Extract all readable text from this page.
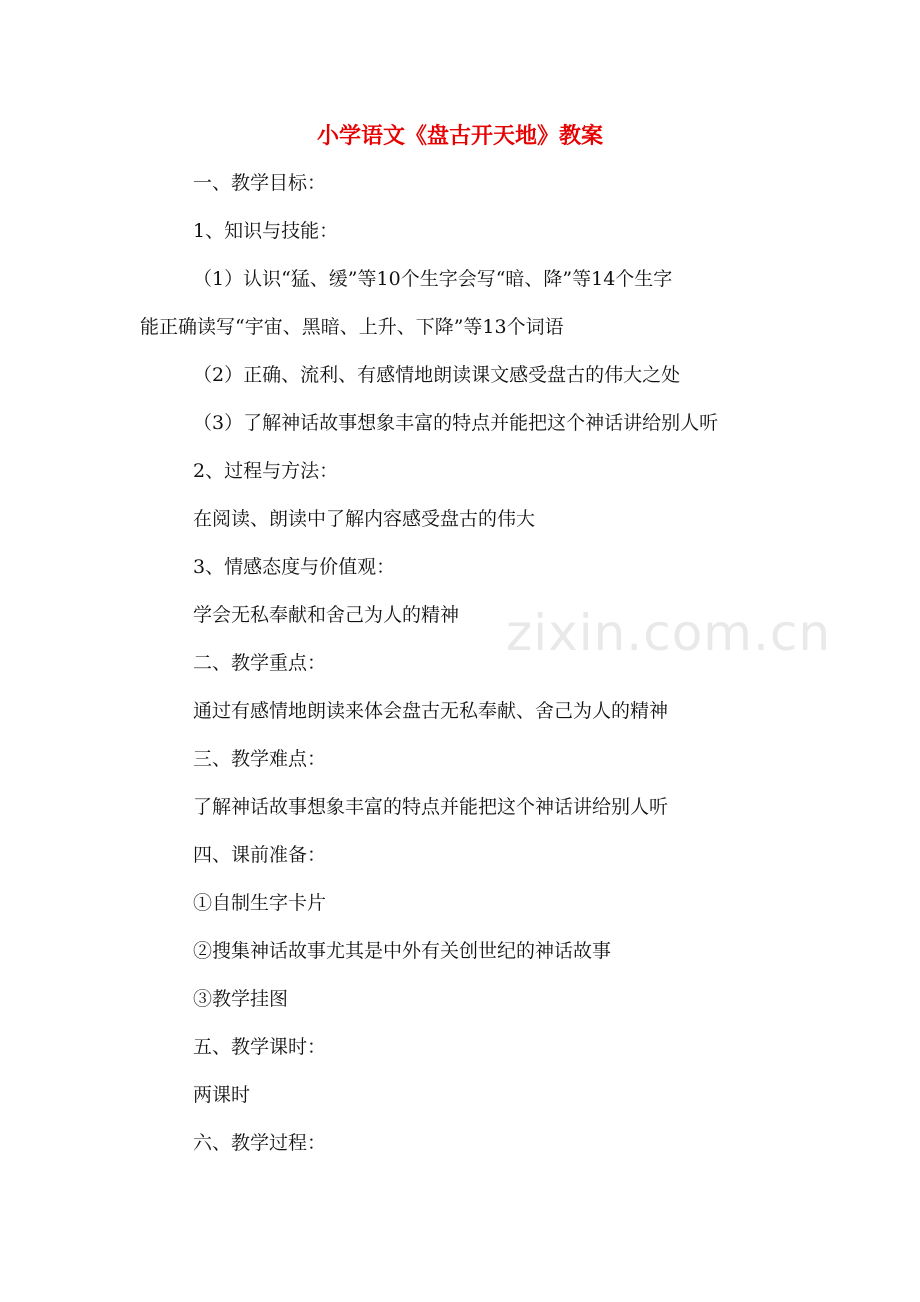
小学语文《盘古开天地》教案

一、教学目标：

1、知识与技能：

（1）认识“猛、缓”等10个生字会写“暗、降”等14个生字

能正确读写“宇宙、黑暗、上升、下降”等13个词语

（2）正确、流利、有感情地朗读课文感受盘古的伟大之处

（3）了解神话故事想象丰富的特点并能把这个神话讲给别人听

2、过程与方法：

在阅读、朗读中了解内容感受盘古的伟大

3、情感态度与价值观：

学会无私奉献和舍己为人的精神

二、教学重点：

通过有感情地朗读来体会盘古无私奉献、舍己为人的精神

三、教学难点：

了解神话故事想象丰富的特点并能把这个神话讲给别人听

四、课前准备：

①自制生字卡片

②搜集神话故事尤其是中外有关创世纪的神话故事

③教学挂图

五、教学课时：

两课时

六、教学过程：

zixin.com.cn
